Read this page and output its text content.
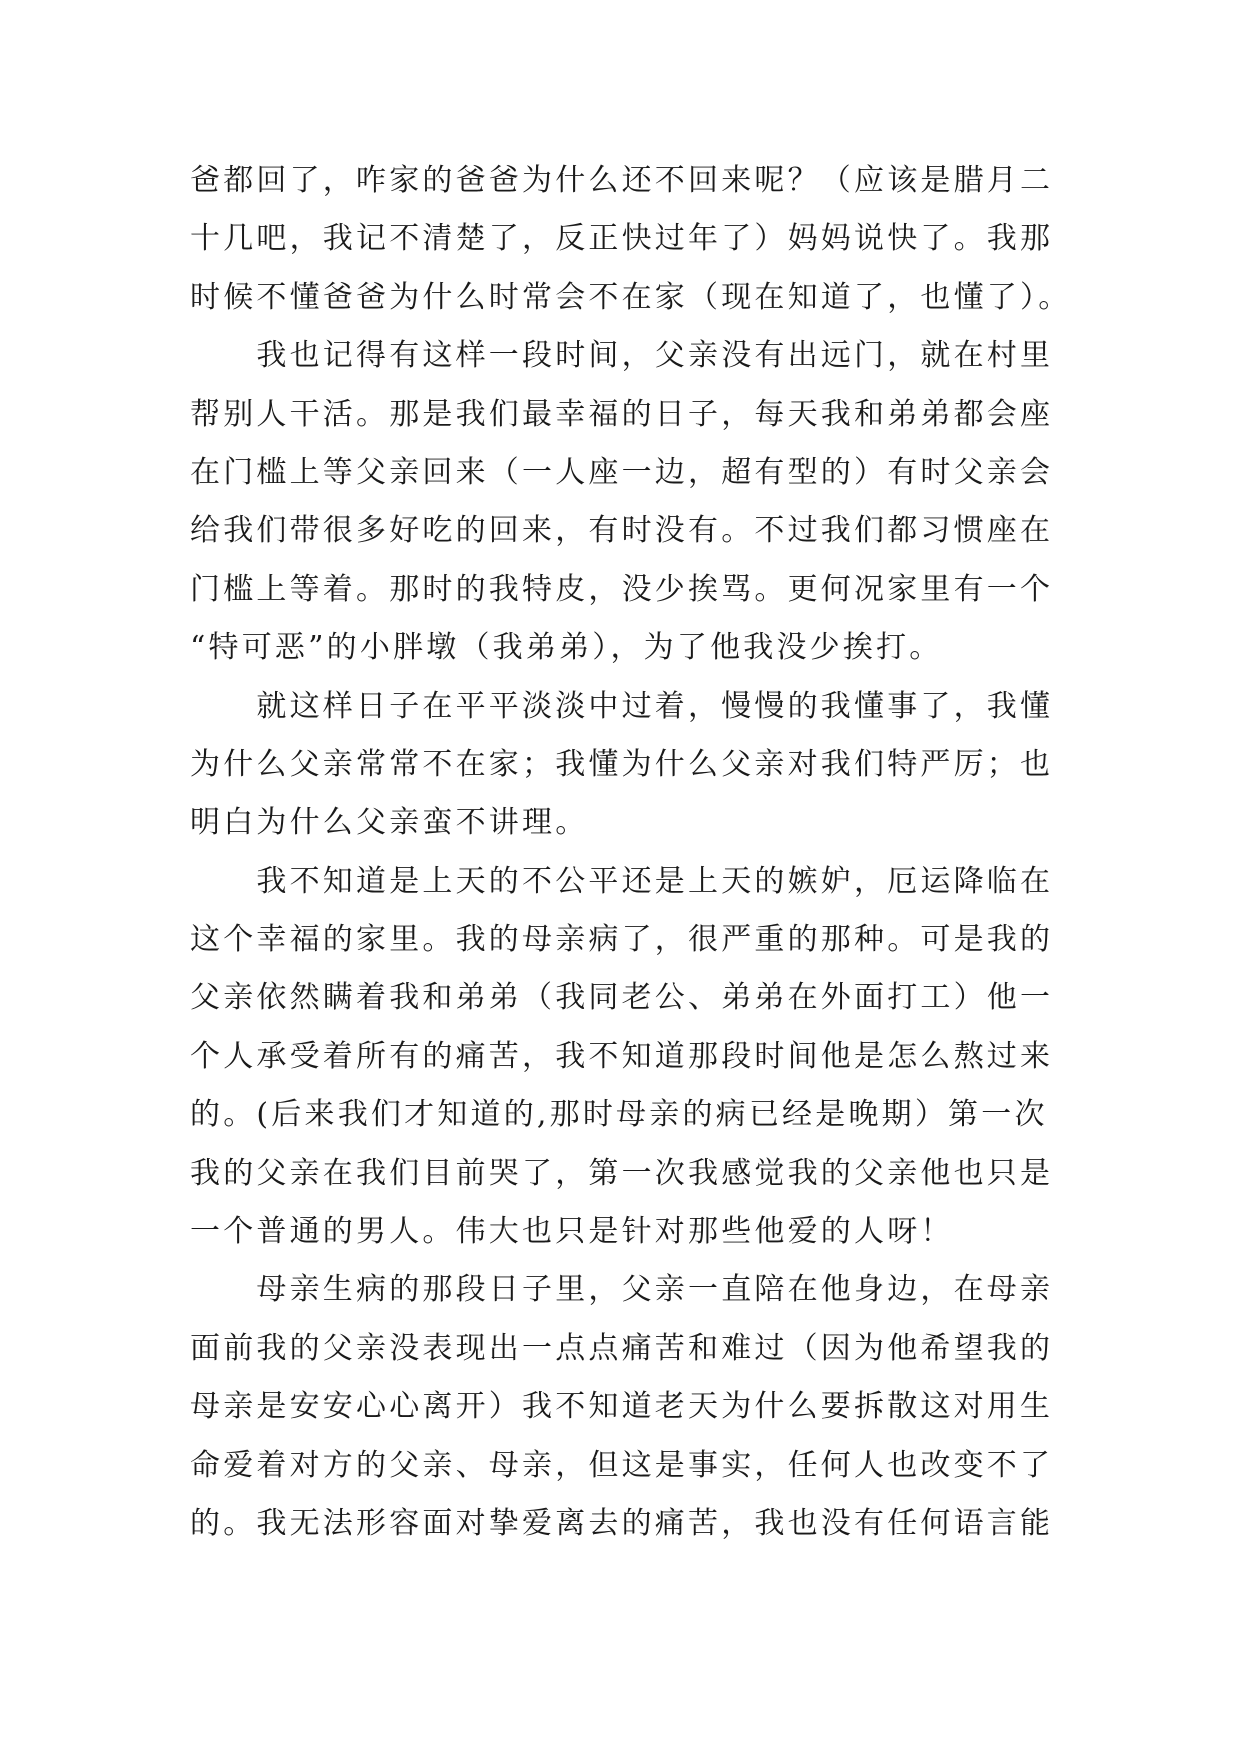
爸都回了，咋家的爸爸为什么还不回来呢？（应该是腊月二
十几吧，我记不清楚了，反正快过年了）妈妈说快了。我那
时候不懂爸爸为什么时常会不在家（现在知道了，也懂了）。
　　我也记得有这样一段时间，父亲没有出远门，就在村里
帮别人干活。那是我们最幸福的日子，每天我和弟弟都会座
在门槛上等父亲回来（一人座一边，超有型的）有时父亲会
给我们带很多好吃的回来，有时没有。不过我们都习惯座在
门槛上等着。那时的我特皮，没少挨骂。更何况家里有一个
“特可恶”的小胖墩（我弟弟），为了他我没少挨打。
　　就这样日子在平平淡淡中过着，慢慢的我懂事了，我懂
为什么父亲常常不在家；我懂为什么父亲对我们特严厉；也
明白为什么父亲蛮不讲理。
　　我不知道是上天的不公平还是上天的嫉妒，厄运降临在
这个幸福的家里。我的母亲病了，很严重的那种。可是我的
父亲依然瞒着我和弟弟（我同老公、弟弟在外面打工）他一
个人承受着所有的痛苦，我不知道那段时间他是怎么熬过来
的。(后来我们才知道的,那时母亲的病已经是晚期）第一次
我的父亲在我们目前哭了，第一次我感觉我的父亲他也只是
一个普通的男人。伟大也只是针对那些他爱的人呀！
　　母亲生病的那段日子里，父亲一直陪在他身边，在母亲
面前我的父亲没表现出一点点痛苦和难过（因为他希望我的
母亲是安安心心离开）我不知道老天为什么要拆散这对用生
命爱着对方的父亲、母亲，但这是事实，任何人也改变不了
的。我无法形容面对挚爱离去的痛苦，我也没有任何语言能
